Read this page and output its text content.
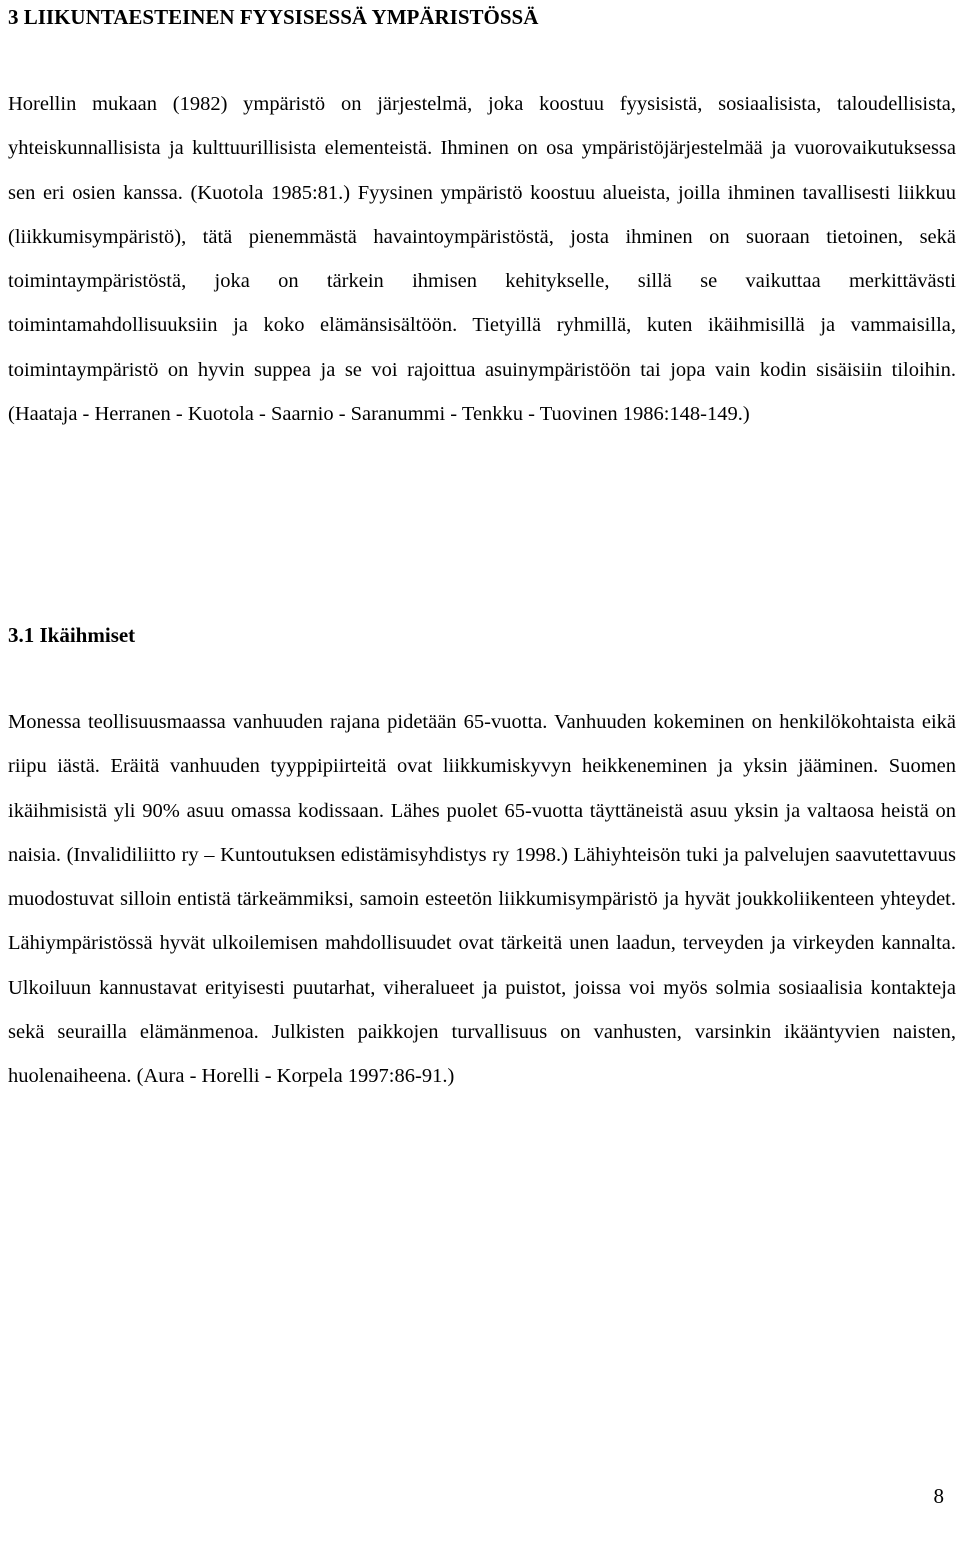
3 LIIKUNTAESTEINEN FYYSISESSÄ YMPÄRISTÖSSÄ

Horellin mukaan (1982) ympäristö on järjestelmä, joka koostuu fyysisistä, sosiaalisista, taloudellisista, yhteiskunnallisista ja kulttuurillisista elementeistä. Ihminen on osa ympäristöjärjestelmää ja vuorovaikutuksessa sen eri osien kanssa. (Kuotola 1985:81.) Fyysinen ympäristö koostuu alueista, joilla ihminen tavallisesti liikkuu (liikkumisympäristö), tätä pienemmästä havaintoympäristöstä, josta ihminen on suoraan tietoinen, sekä toimintaympäristöstä, joka on tärkein ihmisen kehitykselle, sillä se vaikuttaa merkittävästi toimintamahdollisuuksiin ja koko elämänsisältöön. Tietyillä ryhmillä, kuten ikäihmisillä ja vammaisilla, toimintaympäristö on hyvin suppea ja se voi rajoittua asuinympäristöön tai jopa vain kodin sisäisiin tiloihin. (Haataja - Herranen - Kuotola - Saarnio - Saranummi - Tenkku - Tuovinen 1986:148-149.)

3.1 Ikäihmiset

Monessa teollisuusmaassa vanhuuden rajana pidetään 65-vuotta. Vanhuuden kokeminen on henkilökohtaista eikä riipu iästä. Eräitä vanhuuden tyyppipiirteitä ovat liikkumiskyvyn heikkeneminen ja yksin jääminen. Suomen ikäihmisistä yli 90% asuu omassa kodissaan. Lähes puolet 65-vuotta täyttäneistä asuu yksin ja valtaosa heistä on naisia. (Invalidiliitto ry – Kuntoutuksen edistämisyhdistys ry 1998.) Lähiyhteisön tuki ja palvelujen saavutettavuus muodostuvat silloin entistä tärkeämmiksi, samoin esteetön liikkumisympäristö ja hyvät joukkoliikenteen yhteydet. Lähiympäristössä hyvät ulkoilemisen mahdollisuudet ovat tärkeitä unen laadun, terveyden ja virkeyden kannalta. Ulkoiluun kannustavat erityisesti puutarhat, viheralueet ja puistot, joissa voi myös solmia sosiaalisia kontakteja sekä seurailla elämänmenoa. Julkisten paikkojen turvallisuus on vanhusten, varsinkin ikääntyvien naisten, huolenaiheena. (Aura - Horelli - Korpela 1997:86-91.)

8
